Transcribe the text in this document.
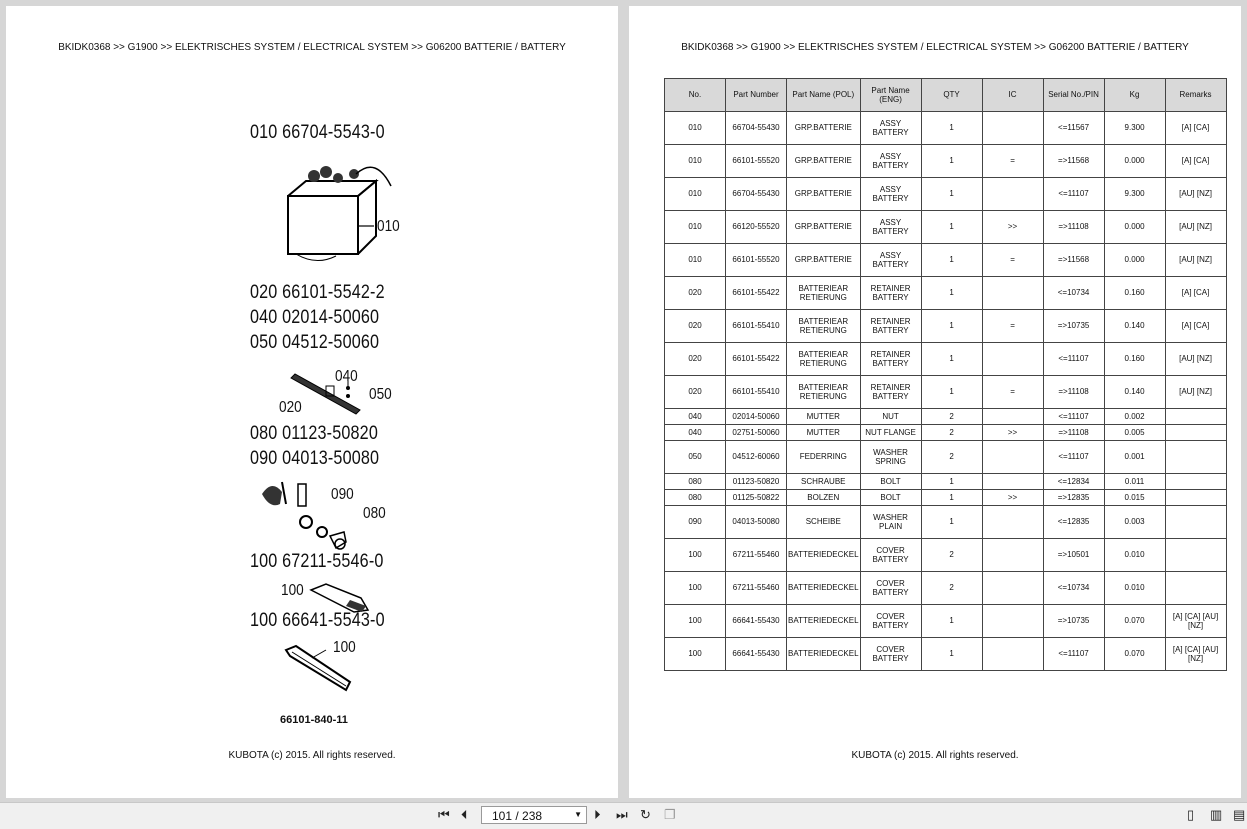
BKIDK0368 >> G1900 >> ELEKTRISCHES SYSTEM / ELECTRICAL SYSTEM >> G06200 BATTERIE / BATTERY
010 66704-5543-0
010
020 66101-5542-2
040 02014-50060
050 04512-50060
040
020
050
080 01123-50820
090 04013-50080
090
080
100 67211-5546-0
100
100 66641-5543-0
100
66101-840-11
KUBOTA (c) 2015. All rights reserved.
BKIDK0368 >> G1900 >> ELEKTRISCHES SYSTEM / ELECTRICAL SYSTEM >> G06200 BATTERIE / BATTERY
No.	Part Number	Part Name (POL)	Part Name (ENG)	QTY	IC	Serial No./PIN	Kg	Remarks
010	66704-55430	GRP.BATTERIE	ASSY BATTERY	1		<=11567	9.300	[A] [CA]
010	66101-55520	GRP.BATTERIE	ASSY BATTERY	1	=	=>11568	0.000	[A] [CA]
010	66704-55430	GRP.BATTERIE	ASSY BATTERY	1		<=11107	9.300	[AU] [NZ]
010	66120-55520	GRP.BATTERIE	ASSY BATTERY	1	>>	=>11108	0.000	[AU] [NZ]
010	66101-55520	GRP.BATTERIE	ASSY BATTERY	1	=	=>11568	0.000	[AU] [NZ]
020	66101-55422	BATTERIEAR RETIERUNG	RETAINER BATTERY	1		<=10734	0.160	[A] [CA]
020	66101-55410	BATTERIEAR RETIERUNG	RETAINER BATTERY	1	=	=>10735	0.140	[A] [CA]
020	66101-55422	BATTERIEAR RETIERUNG	RETAINER BATTERY	1		<=11107	0.160	[AU] [NZ]
020	66101-55410	BATTERIEAR RETIERUNG	RETAINER BATTERY	1	=	=>11108	0.140	[AU] [NZ]
040	02014-50060	MUTTER	NUT	2		<=11107	0.002	
040	02751-50060	MUTTER	NUT FLANGE	2	>>	=>11108	0.005	
050	04512-60060	FEDERRING	WASHER SPRING	2		<=11107	0.001	
080	01123-50820	SCHRAUBE	BOLT	1		<=12834	0.011	
080	01125-50822	BOLZEN	BOLT	1	>>	=>12835	0.015	
090	04013-50080	SCHEIBE	WASHER PLAIN	1		<=12835	0.003	
100	67211-55460	BATTERIEDECKEL	COVER BATTERY	2		=>10501	0.010	
100	67211-55460	BATTERIEDECKEL	COVER BATTERY	2		<=10734	0.010	
100	66641-55430	BATTERIEDECKEL	COVER BATTERY	1		=>10735	0.070	[A] [CA] [AU] [NZ]
100	66641-55430	BATTERIEDECKEL	COVER BATTERY	1		<=11107	0.070	[A] [CA] [AU] [NZ]
KUBOTA (c) 2015. All rights reserved.
⏮ ⏴ 101 / 238	▼ ⏵ ⏭ ↻ ❐	▯ ▥ ▤
